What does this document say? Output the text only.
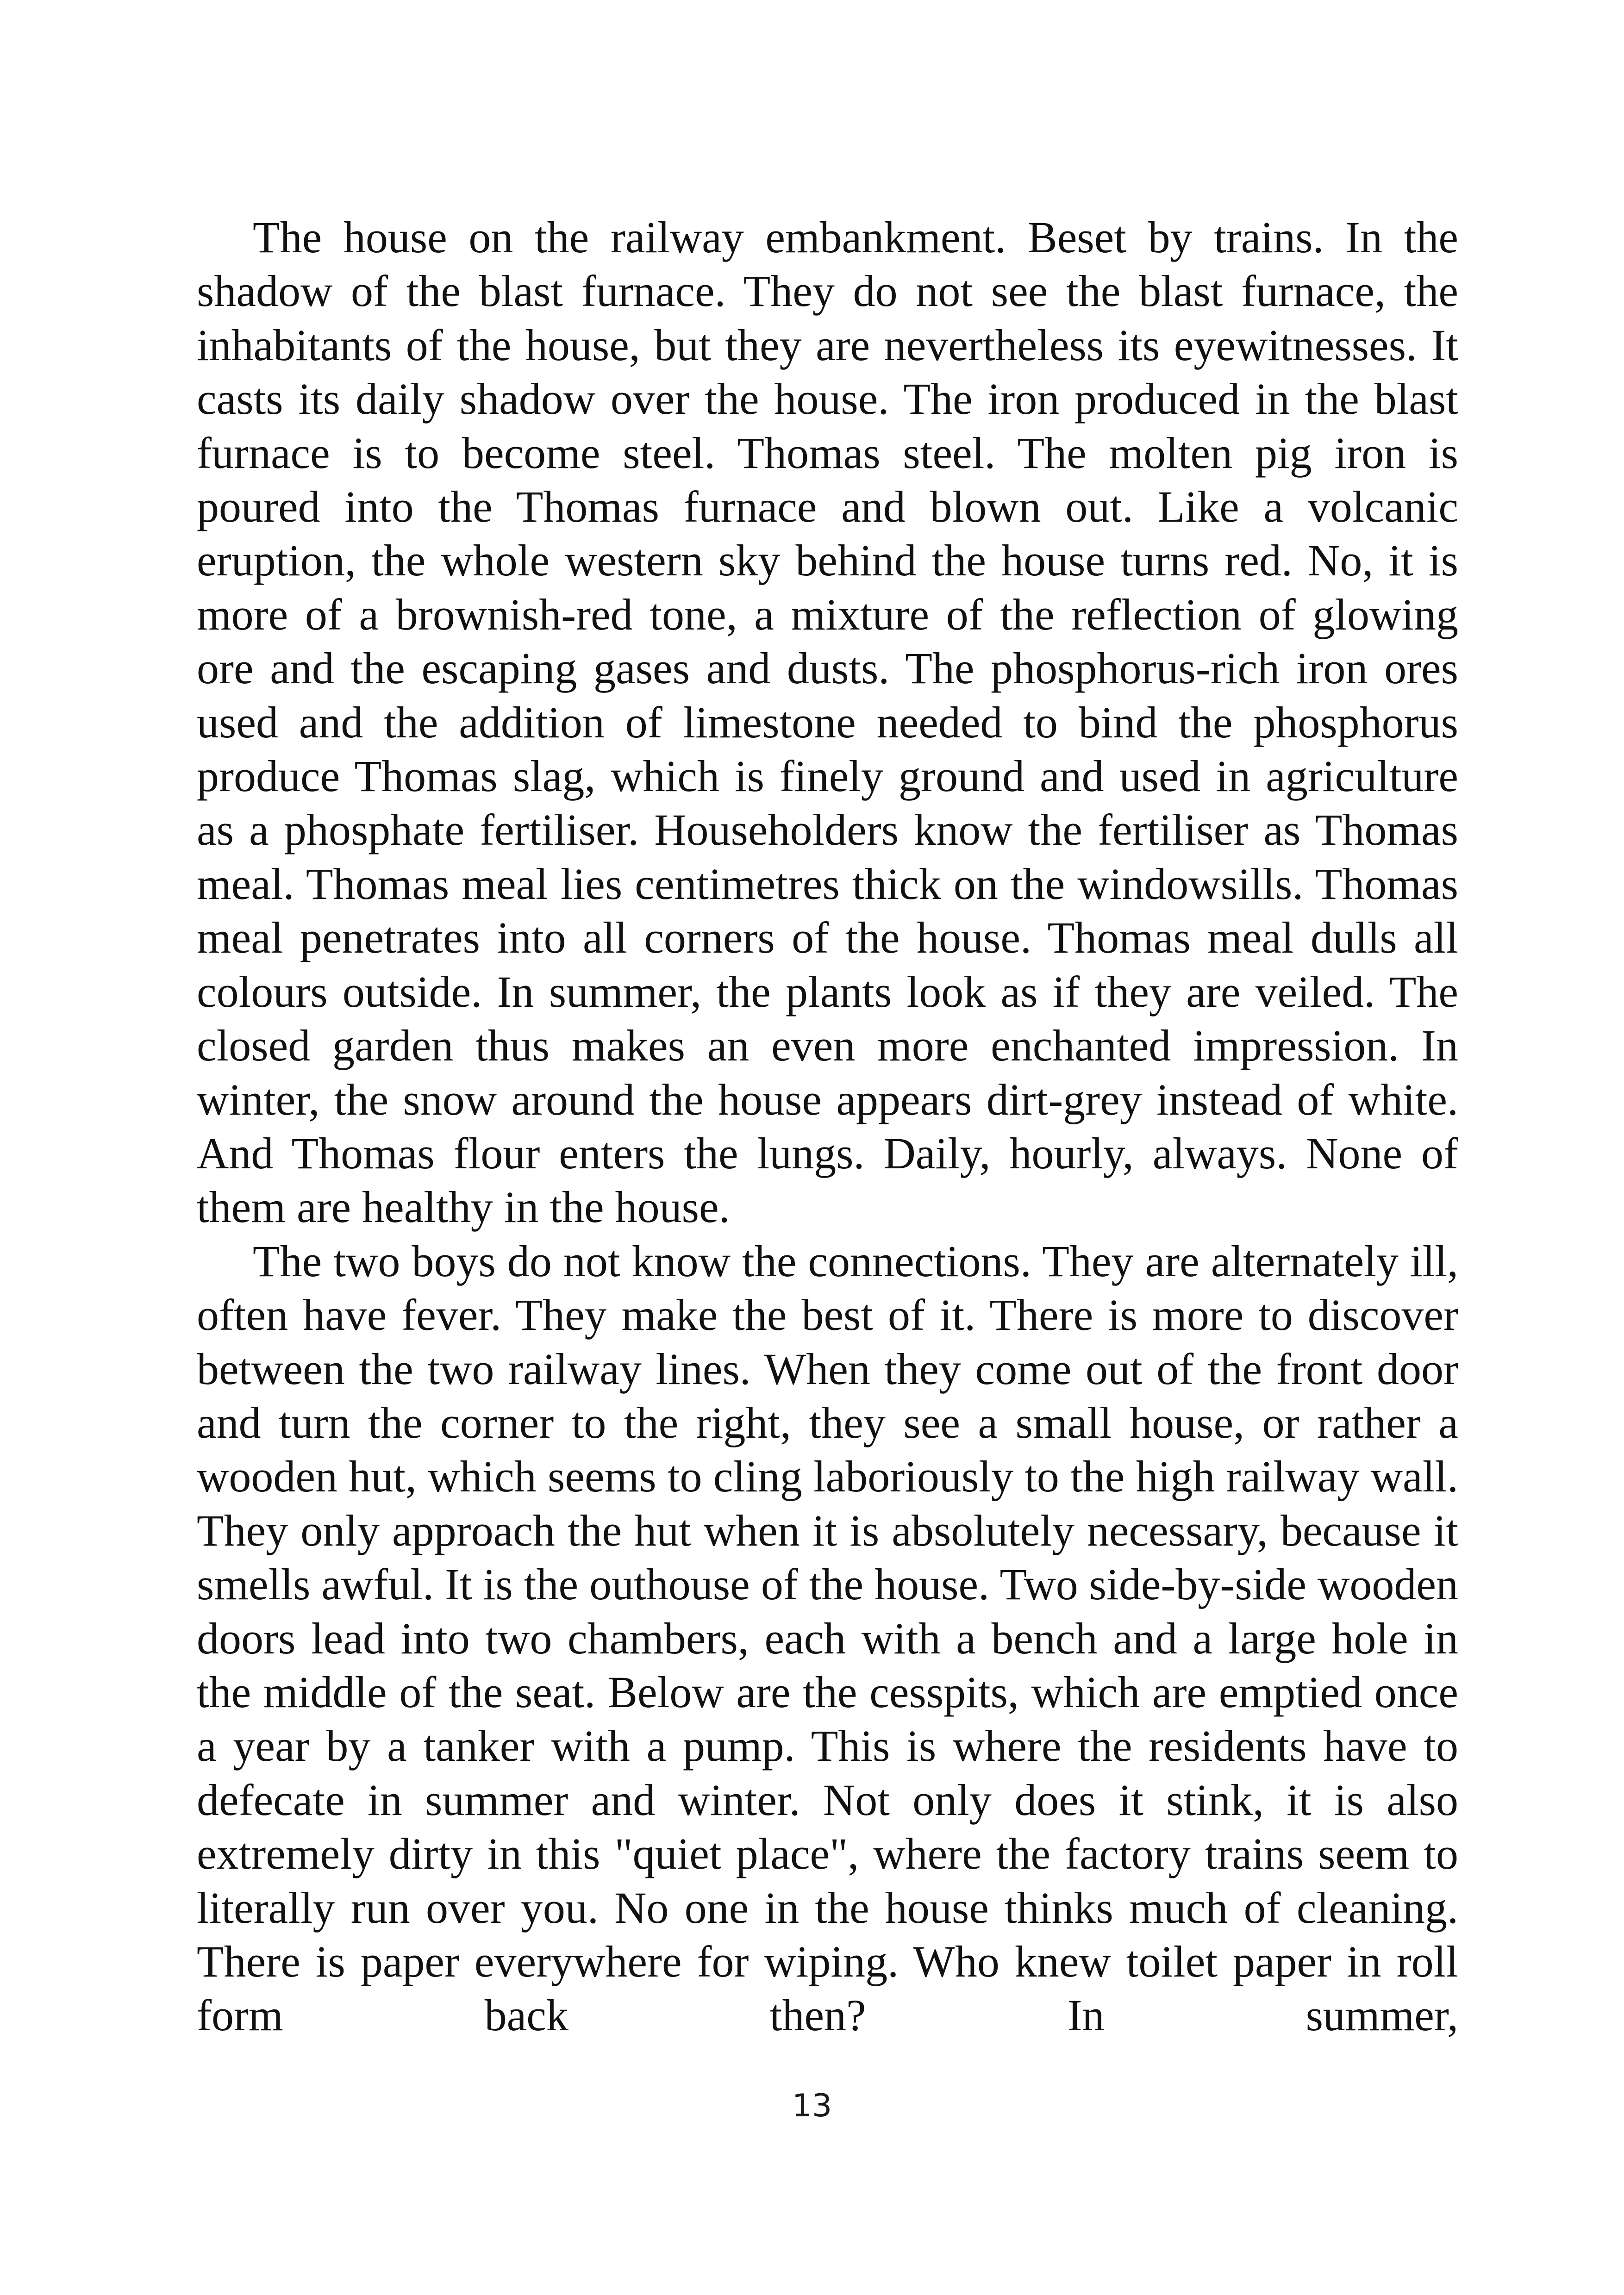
The house on the railway embankment. Beset by trains. In the shadow of the blast furnace. They do not see the blast furnace, the inhabitants of the house, but they are nevertheless its eyewitnesses. It casts its daily shadow over the house. The iron produced in the blast furnace is to become steel. Thomas steel. The molten pig iron is poured into the Thomas furnace and blown out. Like a volcanic eruption, the whole western sky behind the house turns red. No, it is more of a brownish-red tone, a mixture of the reflection of glowing ore and the escaping gases and dusts. The phosphorus-rich iron ores used and the addition of limestone needed to bind the phosphorus produce Thomas slag, which is finely ground and used in agriculture as a phosphate fertiliser. Householders know the fertiliser as Thomas meal. Thomas meal lies centimetres thick on the windowsills. Thomas meal penetrates into all corners of the house. Thomas meal dulls all colours outside. In summer, the plants look as if they are veiled. The closed garden thus makes an even more enchanted impression. In winter, the snow around the house appears dirt-grey instead of white. And Thomas flour enters the lungs. Daily, hourly, always. None of them are healthy in the house.

The two boys do not know the connections. They are alternately ill, often have fever. They make the best of it. There is more to discover between the two railway lines. When they come out of the front door and turn the corner to the right, they see a small house, or rather a wooden hut, which seems to cling laboriously to the high railway wall. They only approach the hut when it is absolutely necessary, because it smells awful. It is the outhouse of the house. Two side-by-side wooden doors lead into two chambers, each with a bench and a large hole in the middle of the seat. Below are the cesspits, which are emptied once a year by a tanker with a pump. This is where the residents have to defecate in summer and winter. Not only does it stink, it is also extremely dirty in this "quiet place", where the factory trains seem to literally run over you. No one in the house thinks much of cleaning. There is paper everywhere for wiping. Who knew toilet paper in roll form back then? In summer,

13
